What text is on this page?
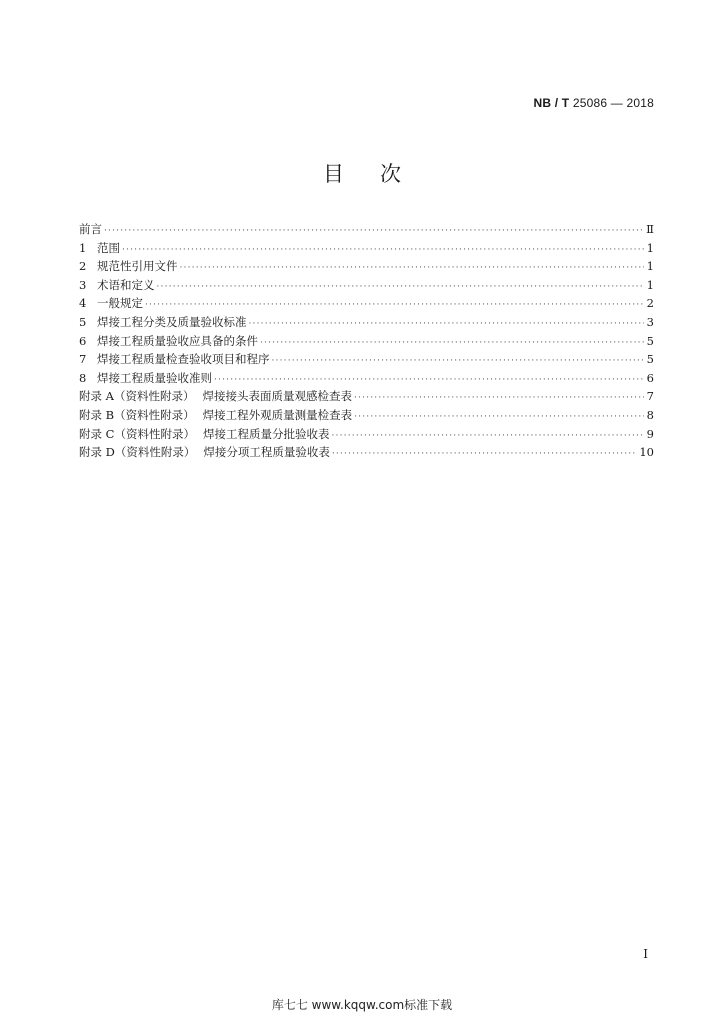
NB / T 25086 — 2018
目次
前言 ·····	Ⅱ
1 范围 ·····	1
2 规范性引用文件 ·····	1
3 术语和定义 ·····	1
4 一般规定 ·····	2
5 焊接工程分类及质量验收标准 ·····	3
6 焊接工程质量验收应具备的条件 ·····	5
7 焊接工程质量检查验收项目和程序 ·····	5
8 焊接工程质量验收准则 ·····	6
附录 A（资料性附录） 焊接接头表面质量观感检查表 ·····	7
附录 B（资料性附录） 焊接工程外观质量测量检查表 ·····	8
附录 C（资料性附录） 焊接工程质量分批验收表 ·····	9
附录 D（资料性附录） 焊接分项工程质量验收表 ·····	10
I
库七七 www.kqqw.com标准下载
